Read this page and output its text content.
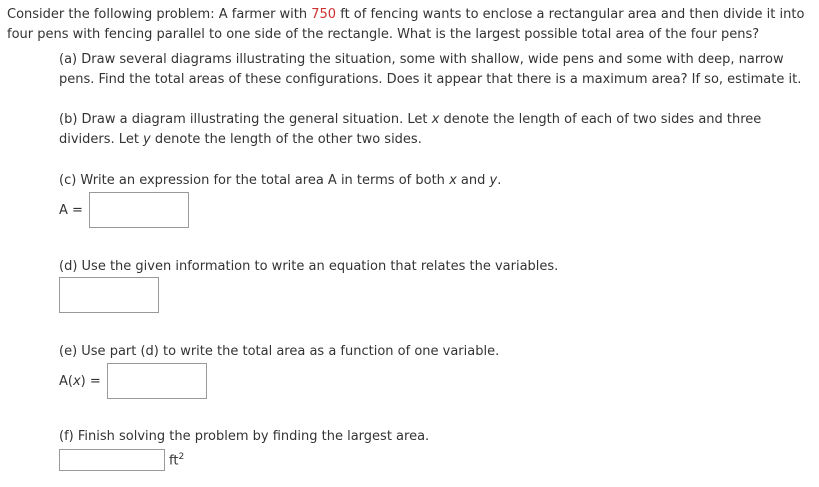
Consider the following problem: A farmer with 750 ft of fencing wants to enclose a rectangular area and then divide it into four pens with fencing parallel to one side of the rectangle. What is the largest possible total area of the four pens?
(a) Draw several diagrams illustrating the situation, some with shallow, wide pens and some with deep, narrow pens. Find the total areas of these configurations. Does it appear that there is a maximum area? If so, estimate it.
(b) Draw a diagram illustrating the general situation. Let x denote the length of each of two sides and three dividers. Let y denote the length of the other two sides.
(c) Write an expression for the total area A in terms of both x and y.
A =
(d) Use the given information to write an equation that relates the variables.
(e) Use part (d) to write the total area as a function of one variable.
A(x) =
(f) Finish solving the problem by finding the largest area.
$ft^2$
